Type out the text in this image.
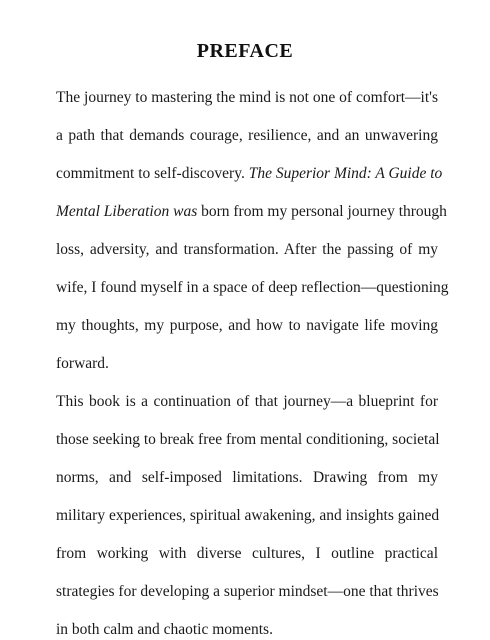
PREFACE
The journey to mastering the mind is not one of comfort—it's
a path that demands courage, resilience, and an unwavering
commitment to self-discovery. The Superior Mind: A Guide to
Mental Liberation was born from my personal journey through
loss, adversity, and transformation. After the passing of my
wife, I found myself in a space of deep reflection—questioning
my thoughts, my purpose, and how to navigate life moving
forward.
This book is a continuation of that journey—a blueprint for
those seeking to break free from mental conditioning, societal
norms, and self-imposed limitations. Drawing from my
military experiences, spiritual awakening, and insights gained
from working with diverse cultures, I outline practical
strategies for developing a superior mindset—one that thrives
in both calm and chaotic moments.
